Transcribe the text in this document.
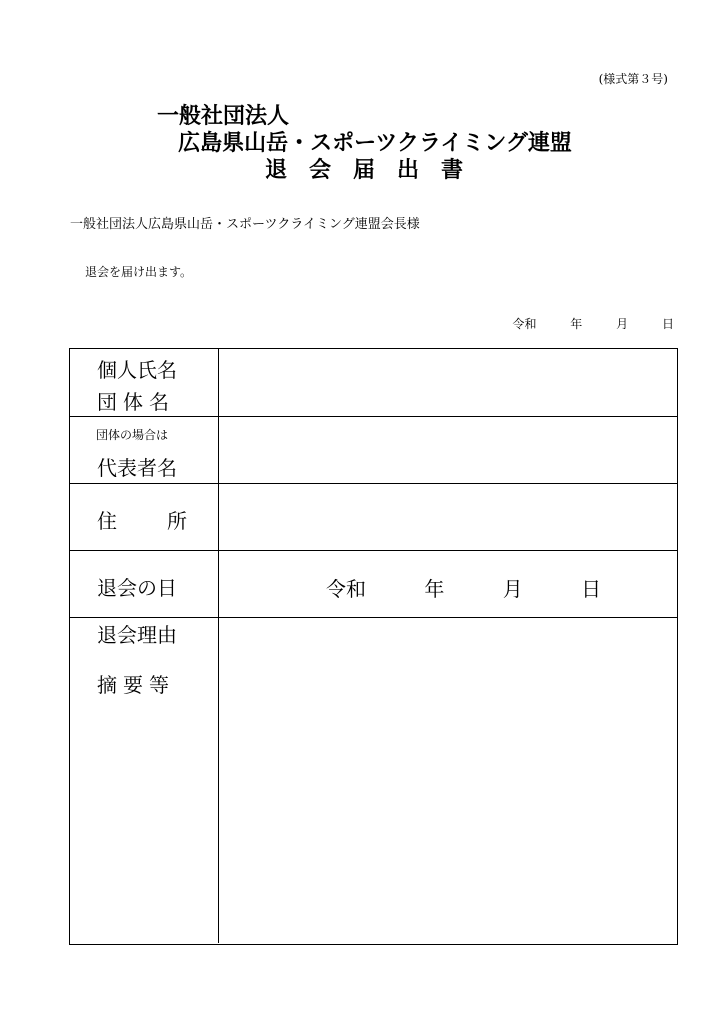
(様式第３号)
一般社団法人
広島県山岳・スポーツクライミング連盟
退会届出書
一般社団法人広島県山岳・スポーツクライミング連盟会長様
退会を届け出ます。
令和	年	月	日
個人氏名
団体名
団体の場合は
代表者名
住所
退会の日	令和	年	月	日
退会理由
摘要等
